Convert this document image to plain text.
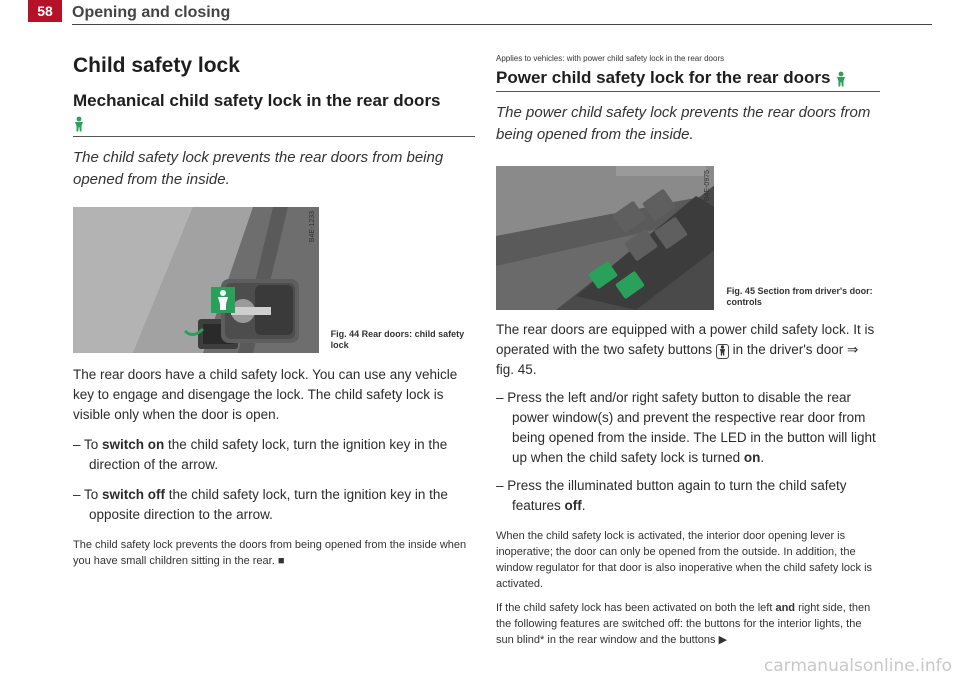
58	Opening and closing
Child safety lock
Mechanical child safety lock in the rear doors

The child safety lock prevents the rear doors from being opened from the inside.
B4E-1233
Fig. 44 Rear doors: child safety lock
The rear doors have a child safety lock. You can use any vehicle key to engage and disengage the lock. The child safety lock is visible only when the door is open.
– To switch on the child safety lock, turn the ignition key in the direction of the arrow.
– To switch off the child safety lock, turn the ignition key in the opposite direction to the arrow.
The child safety lock prevents the doors from being opened from the inside when you have small children sitting in the rear. ■
Applies to vehicles: with power child safety lock in the rear doors
Power child safety lock for the rear doors
The power child safety lock prevents the rear doors from being opened from the inside.
B4E-0975
Fig. 45 Section from driver's door: controls
The rear doors are equipped with a power child safety lock. It is operated with the two safety buttons in the driver's door ⇒ fig. 45.
– Press the left and/or right safety button to disable the rear power window(s) and prevent the respective rear door from being opened from the inside. The LED in the button will light up when the child safety lock is turned on.
– Press the illuminated button again to turn the child safety features off.
When the child safety lock is activated, the interior door opening lever is inoperative; the door can only be opened from the outside. In addition, the window regulator for that door is also inoperative when the child safety lock is activated.
If the child safety lock has been activated on both the left and right side, then the following features are switched off: the buttons for the interior lights, the sun blind* in the rear window and the buttons ▶
carmanualsonline.info
